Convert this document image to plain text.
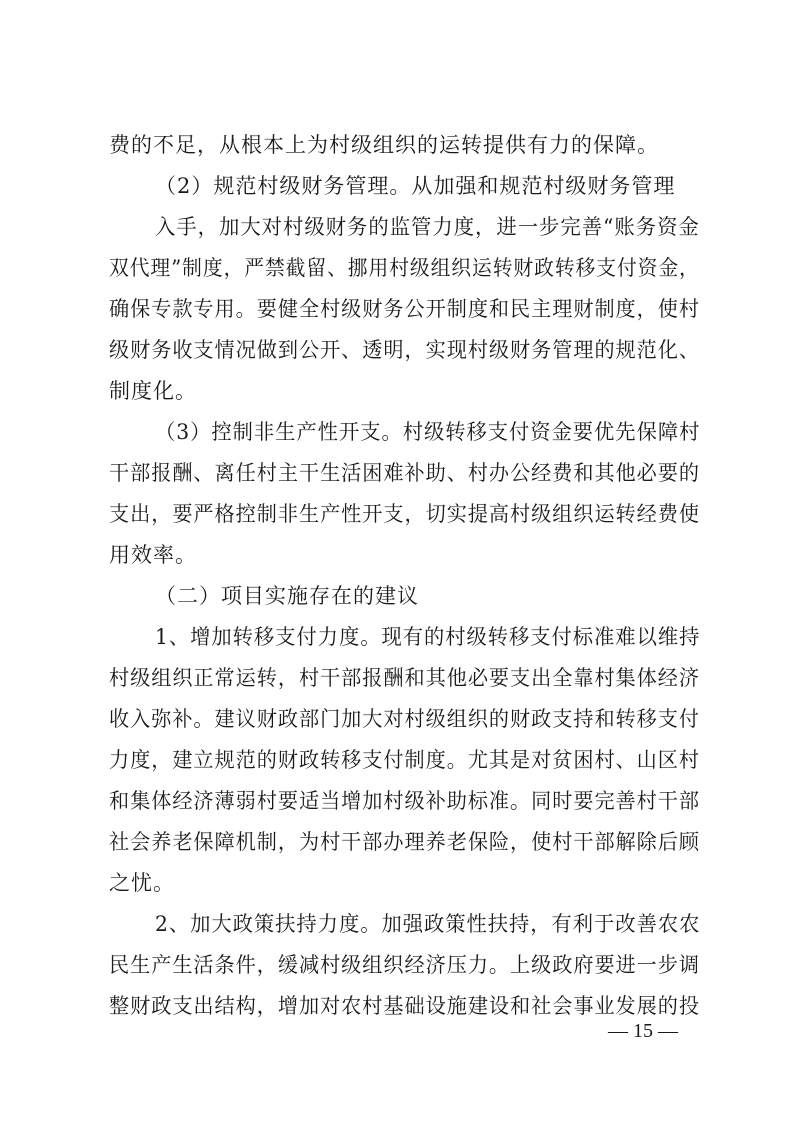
费的不足，从根本上为村级组织的运转提供有力的保障。

（2）规范村级财务管理。从加强和规范村级财务管理

入手，加大对村级财务的监管力度，进一步完善“账务资金

双代理”制度，严禁截留、挪用村级组织运转财政转移支付资金，

确保专款专用。要健全村级财务公开制度和民主理财制度，使村

级财务收支情况做到公开、透明，实现村级财务管理的规范化、

制度化。

（3）控制非生产性开支。村级转移支付资金要优先保障村

干部报酬、离任村主干生活困难补助、村办公经费和其他必要的

支出，要严格控制非生产性开支，切实提高村级组织运转经费使

用效率。

（二）项目实施存在的建议

1、增加转移支付力度。现有的村级转移支付标准难以维持

村级组织正常运转，村干部报酬和其他必要支出全靠村集体经济

收入弥补。建议财政部门加大对村级组织的财政支持和转移支付

力度，建立规范的财政转移支付制度。尤其是对贫困村、山区村

和集体经济薄弱村要适当增加村级补助标准。同时要完善村干部

社会养老保障机制，为村干部办理养老保险，使村干部解除后顾

之忧。

2、加大政策扶持力度。加强政策性扶持，有利于改善农农

民生产生活条件，缓减村级组织经济压力。上级政府要进一步调

整财政支出结构，增加对农村基础设施建设和社会事业发展的投

— 15 —
